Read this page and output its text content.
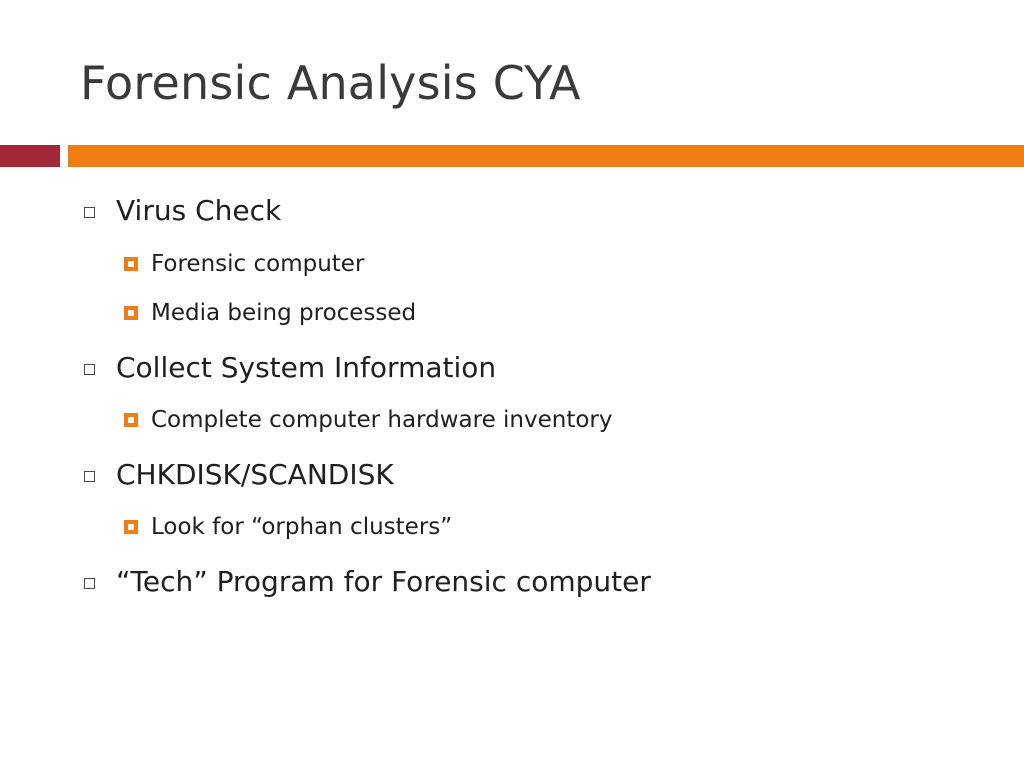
Forensic Analysis CYA
Virus Check
Forensic computer
Media being processed
Collect System Information
Complete computer hardware inventory
CHKDISK/SCANDISK
Look for “orphan clusters”
“Tech” Program for Forensic computer
